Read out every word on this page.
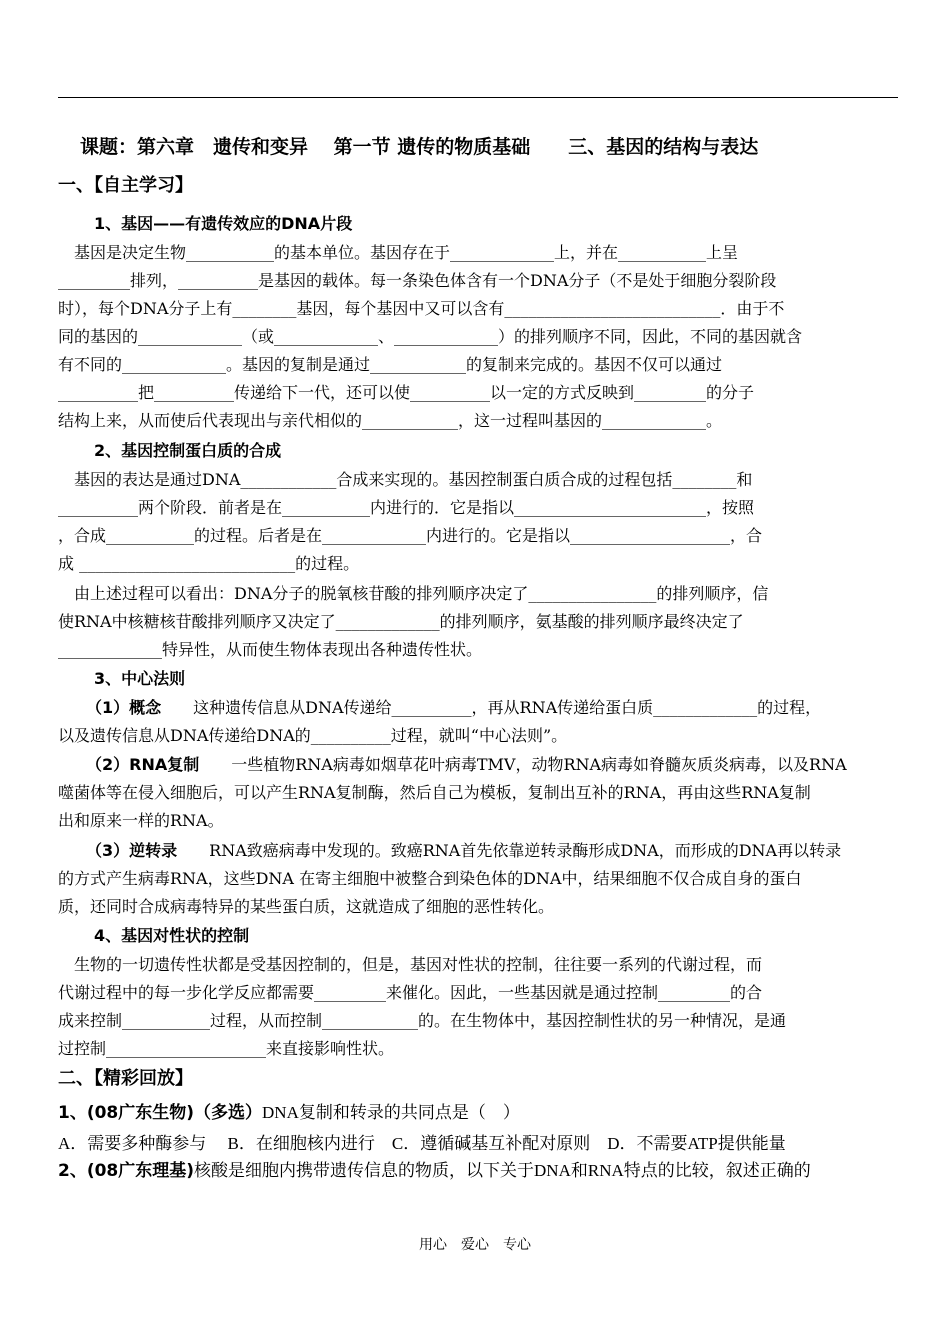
课题：第六章　遗传和变异　 第一节 遗传的物质基础　　三、基因的结构与表达
一、【自主学习】
1、基因——有遗传效应的DNA片段
　基因是决定生物___________的基本单位。基因存在于_____________上，并在___________上呈
_________排列，__________是基因的载体。每一条染色体含有一个DNA分子（不是处于细胞分裂阶段
时），每个DNA分子上有________基因，每个基因中又可以含有___________________________．由于不
同的基因的_____________（或_____________、_____________）的排列顺序不同，因此，不同的基因就含
有不同的_____________。基因的复制是通过____________的复制来完成的。基因不仅可以通过
__________把__________传递给下一代，还可以使__________以一定的方式反映到_________的分子
结构上来，从而使后代表现出与亲代相似的____________，这一过程叫基因的_____________。
2、基因控制蛋白质的合成
　基因的表达是通过DNA____________合成来实现的。基因控制蛋白质合成的过程包括________和
__________两个阶段．前者是在___________内进行的．它是指以________________________，按照
，合成___________的过程。后者是在_____________内进行的。它是指以____________________，合
成 ___________________________的过程。
　由上述过程可以看出：DNA分子的脱氧核苷酸的排列顺序决定了________________的排列顺序，信
使RNA中核糖核苷酸排列顺序又决定了_____________的排列顺序，氨基酸的排列顺序最终决定了
_____________特异性，从而使生物体表现出各种遗传性状。
3、中心法则
（1）概念　　这种遗传信息从DNA传递给__________，再从RNA传递给蛋白质_____________的过程，
以及遗传信息从DNA传递给DNA的__________过程，就叫“中心法则”。
（2）RNA复制　　一些植物RNA病毒如烟草花叶病毒TMV，动物RNA病毒如脊髓灰质炎病毒，以及RNA
噬菌体等在侵入细胞后，可以产生RNA复制酶，然后自己为模板，复制出互补的RNA，再由这些RNA复制
出和原来一样的RNA。
（3）逆转录　　RNA致癌病毒中发现的。致癌RNA首先依靠逆转录酶形成DNA，而形成的DNA再以转录
的方式产生病毒RNA，这些DNA 在寄主细胞中被整合到染色体的DNA中，结果细胞不仅合成自身的蛋白
质，还同时合成病毒特异的某些蛋白质，这就造成了细胞的恶性转化。
4、基因对性状的控制
　生物的一切遗传性状都是受基因控制的，但是，基因对性状的控制，往往要一系列的代谢过程，而
代谢过程中的每一步化学反应都需要_________来催化。因此，一些基因就是通过控制_________的合
成来控制___________过程，从而控制____________的。在生物体中，基因控制性状的另一种情况，是通
过控制____________________来直接影响性状。
二、【精彩回放】
1、(08广东生物)（多选）DNA复制和转录的共同点是（　）
A．需要多种酶参与　 B．在细胞核内进行　C．遵循碱基互补配对原则　D．不需要ATP提供能量
2、(08广东理基)核酸是细胞内携带遗传信息的物质，以下关于DNA和RNA特点的比较，叙述正确的
用心　爱心　专心
